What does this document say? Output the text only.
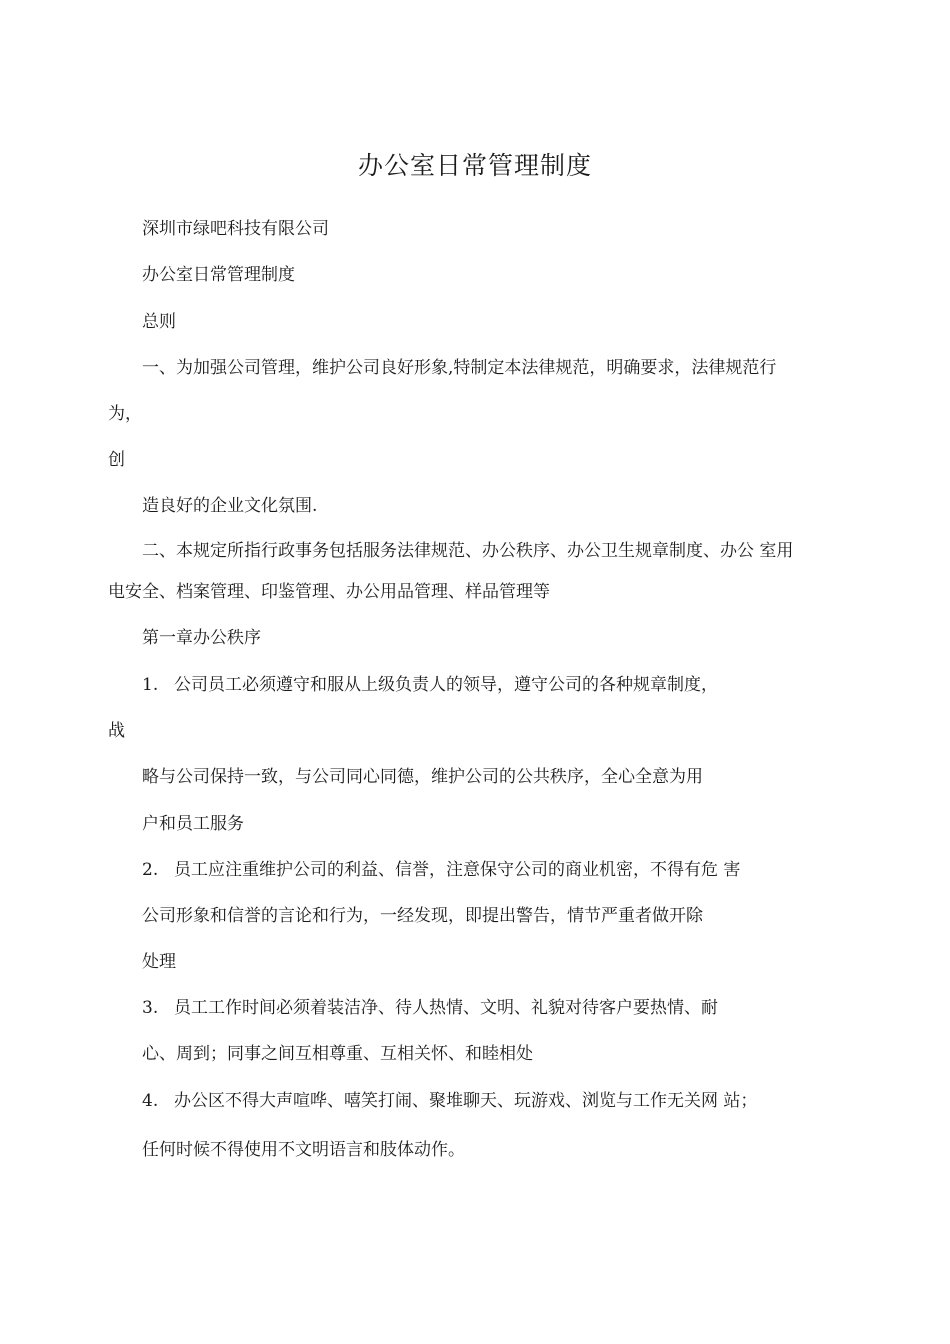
办公室日常管理制度
深圳市绿吧科技有限公司
办公室日常管理制度
总则
一、为加强公司管理，维护公司良好形象,特制定本法律规范，明确要求，法律规范行
为，
创
造良好的企业文化氛围.
二、本规定所指行政事务包括服务法律规范、办公秩序、办公卫生规章制度、办公 室用
电安全、档案管理、印鉴管理、办公用品管理、样品管理等
第一章办公秩序
1. 公司员工必须遵守和服从上级负责人的领导，遵守公司的各种规章制度，
战
略与公司保持一致，与公司同心同德，维护公司的公共秩序，全心全意为用
户和员工服务
2. 员工应注重维护公司的利益、信誉，注意保守公司的商业机密，不得有危 害
公司形象和信誉的言论和行为，一经发现，即提出警告，情节严重者做开除
处理
3. 员工工作时间必须着装洁净、待人热情、文明、礼貌对待客户要热情、耐
心、周到；同事之间互相尊重、互相关怀、和睦相处
4. 办公区不得大声喧哗、嘻笑打闹、聚堆聊天、玩游戏、浏览与工作无关网 站；
任何时候不得使用不文明语言和肢体动作。
